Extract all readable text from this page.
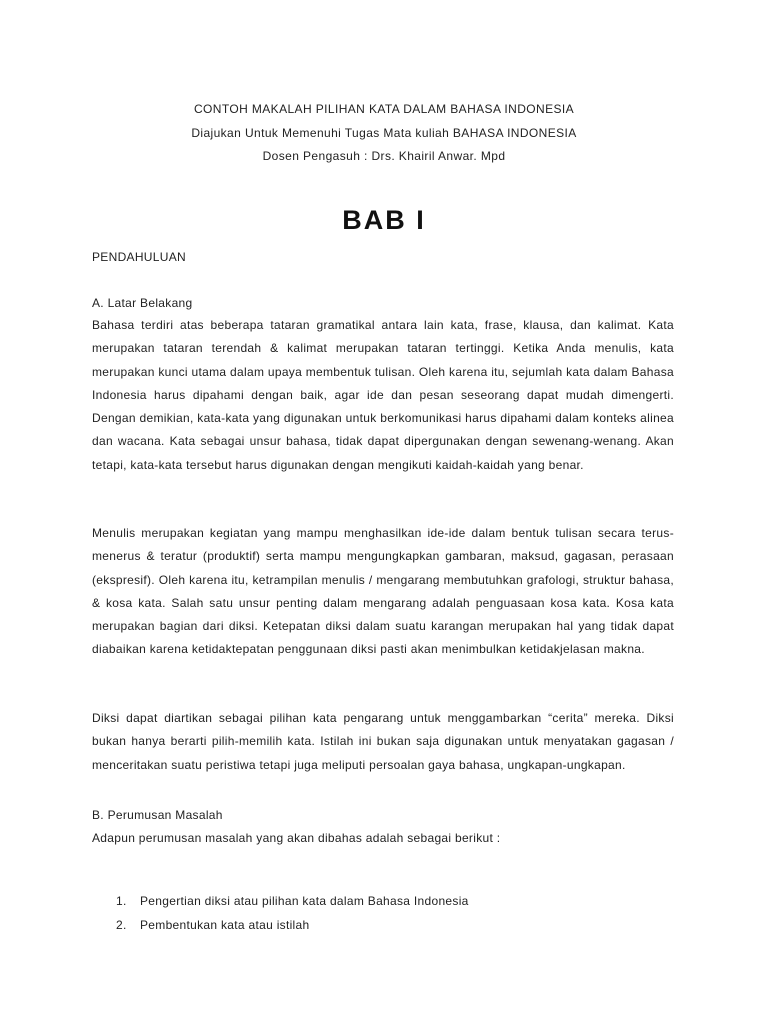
CONTOH MAKALAH PILIHAN KATA DALAM BAHASA INDONESIA
Diajukan Untuk Memenuhi Tugas Mata kuliah BAHASA INDONESIA
Dosen Pengasuh : Drs. Khairil Anwar. Mpd
BAB I
PENDAHULUAN
A. Latar Belakang

Bahasa terdiri atas beberapa tataran gramatikal antara lain kata, frase, klausa, dan kalimat. Kata merupakan tataran terendah & kalimat merupakan tataran tertinggi. Ketika Anda menulis, kata merupakan kunci utama dalam upaya membentuk tulisan. Oleh karena itu, sejumlah kata dalam Bahasa Indonesia harus dipahami dengan baik, agar ide dan pesan seseorang dapat mudah dimengerti. Dengan demikian, kata-kata yang digunakan untuk berkomunikasi harus dipahami dalam konteks alinea dan wacana. Kata sebagai unsur bahasa, tidak dapat dipergunakan dengan sewenang-wenang. Akan tetapi, kata-kata tersebut harus digunakan dengan mengikuti kaidah-kaidah yang benar.

Menulis merupakan kegiatan yang mampu menghasilkan ide-ide dalam bentuk tulisan secara terus-menerus & teratur (produktif) serta mampu mengungkapkan gambaran, maksud, gagasan, perasaan (ekspresif). Oleh karena itu, ketrampilan menulis / mengarang membutuhkan grafologi, struktur bahasa, & kosa kata. Salah satu unsur penting dalam mengarang adalah penguasaan kosa kata. Kosa kata merupakan bagian dari diksi. Ketepatan diksi dalam suatu karangan merupakan hal yang tidak dapat diabaikan karena ketidaktepatan penggunaan diksi pasti akan menimbulkan ketidakjelasan makna.

Diksi dapat diartikan sebagai pilihan kata pengarang untuk menggambarkan “cerita” mereka. Diksi bukan hanya berarti pilih-memilih kata. Istilah ini bukan saja digunakan untuk menyatakan gagasan / menceritakan suatu peristiwa tetapi juga meliputi persoalan gaya bahasa, ungkapan-ungkapan.

B. Perumusan Masalah
Adapun perumusan masalah yang akan dibahas adalah sebagai berikut :
1. Pengertian diksi atau pilihan kata dalam Bahasa Indonesia
2. Pembentukan kata atau istilah
